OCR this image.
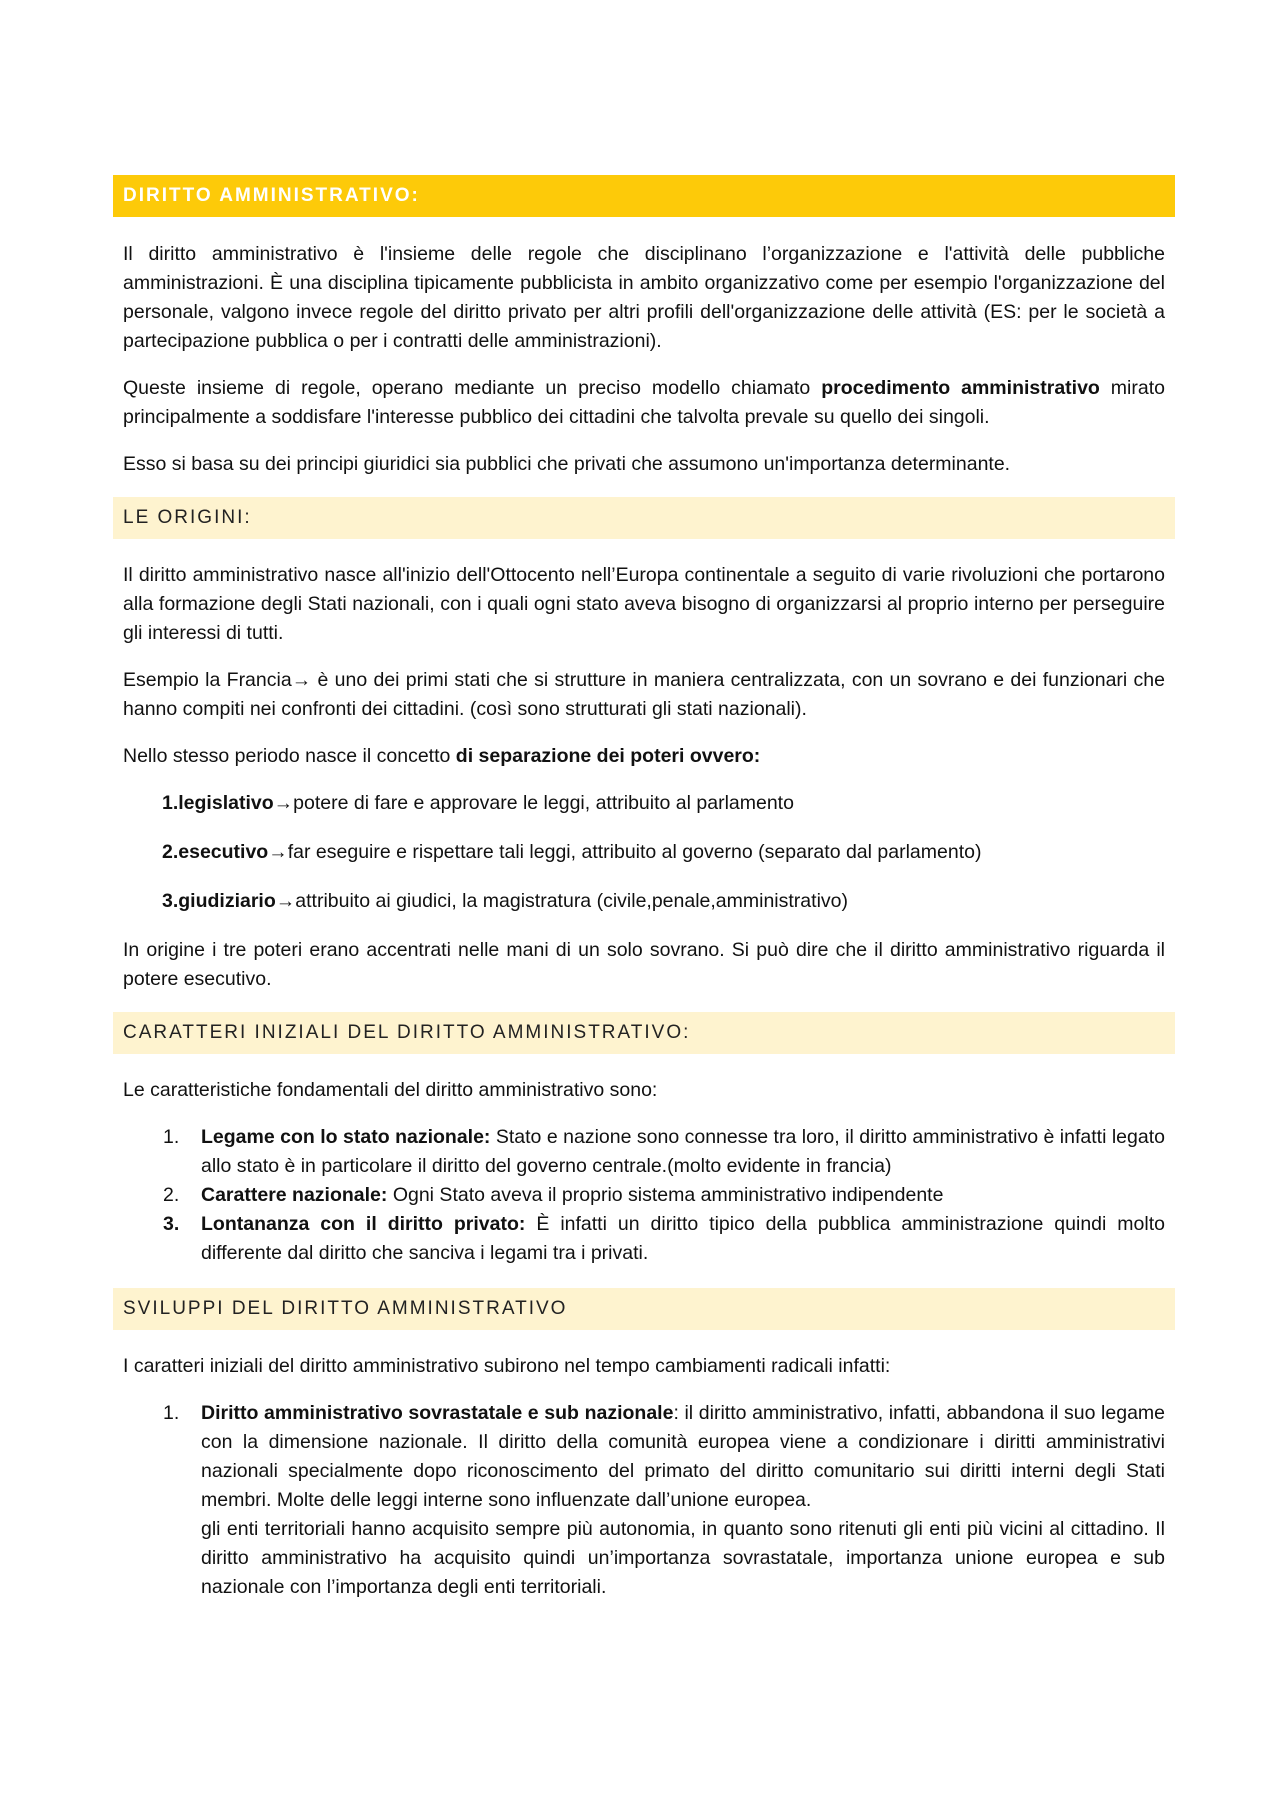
DIRITTO AMMINISTRATIVO:

Il diritto amministrativo è l'insieme delle regole che disciplinano l’organizzazione e l'attività delle pubbliche amministrazioni. È una disciplina tipicamente pubblicista in ambito organizzativo come per esempio l'organizzazione del personale, valgono invece regole del diritto privato per altri profili dell'organizzazione delle attività (ES: per le società a partecipazione pubblica o per i contratti delle amministrazioni).

Queste insieme di regole, operano mediante un preciso modello chiamato procedimento amministrativo mirato principalmente a soddisfare l'interesse pubblico dei cittadini che talvolta prevale su quello dei singoli.

Esso si basa su dei principi giuridici sia pubblici che privati che assumono un'importanza determinante.

LE ORIGINI:

Il diritto amministrativo nasce all'inizio dell'Ottocento nell’Europa continentale a seguito di varie rivoluzioni che portarono alla formazione degli Stati nazionali, con i quali ogni stato aveva bisogno di organizzarsi al proprio interno per perseguire gli interessi di tutti.

Esempio la Francia→ è uno dei primi stati che si strutture in maniera centralizzata, con un sovrano e dei funzionari che hanno compiti nei confronti dei cittadini. (così sono strutturati gli stati nazionali).

Nello stesso periodo nasce il concetto di separazione dei poteri ovvero:

1.legislativo→potere di fare e approvare le leggi, attribuito al parlamento
2.esecutivo→far eseguire e rispettare tali leggi, attribuito al governo (separato dal parlamento)
3.giudiziario→attribuito ai giudici, la magistratura (civile,penale,amministrativo)

In origine i tre poteri erano accentrati nelle mani di un solo sovrano. Si può dire che il diritto amministrativo riguarda il potere esecutivo.

CARATTERI INIZIALI DEL DIRITTO AMMINISTRATIVO:

Le caratteristiche fondamentali del diritto amministrativo sono:

1. Legame con lo stato nazionale: Stato e nazione sono connesse tra loro, il diritto amministrativo è infatti legato allo stato è in particolare il diritto del governo centrale.(molto evidente in francia)
2. Carattere nazionale: Ogni Stato aveva il proprio sistema amministrativo indipendente
3. Lontananza con il diritto privato: È infatti un diritto tipico della pubblica amministrazione quindi molto differente dal diritto che sanciva i legami tra i privati.
SVILUPPI DEL DIRITTO AMMINISTRATIVO

I caratteri iniziali del diritto amministrativo subirono nel tempo cambiamenti radicali infatti:

1. Diritto amministrativo sovrastatale e sub nazionale: il diritto amministrativo, infatti, abbandona il suo legame con la dimensione nazionale. Il diritto della comunità europea viene a condizionare i diritti amministrativi nazionali specialmente dopo riconoscimento del primato del diritto comunitario sui diritti interni degli Stati membri. Molte delle leggi interne sono influenzate dall’unione europea.
gli enti territoriali hanno acquisito sempre più autonomia, in quanto sono ritenuti gli enti più vicini al cittadino. Il diritto amministrativo ha acquisito quindi un’importanza sovrastatale, importanza unione europea e sub nazionale con l’importanza degli enti territoriali.
